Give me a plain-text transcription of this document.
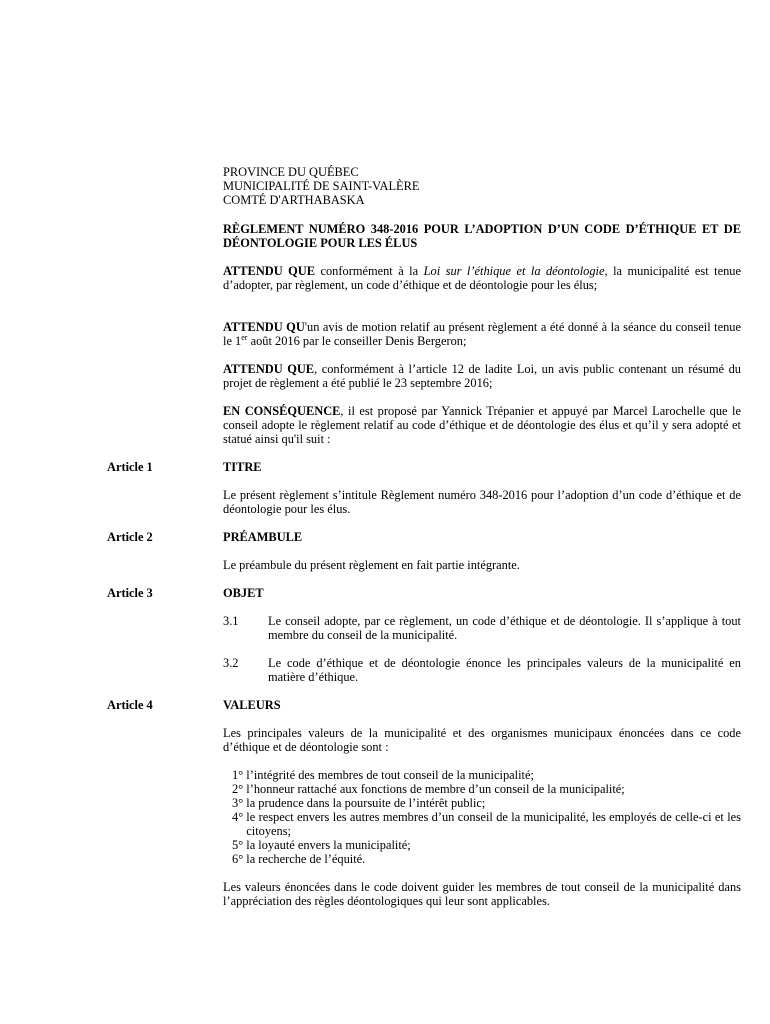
PROVINCE DU QUÉBEC
MUNICIPALITÉ DE SAINT-VALÈRE
COMTÉ D'ARTHABASKA
RÈGLEMENT NUMÉRO 348-2016 POUR L’ADOPTION D’UN CODE D’ÉTHIQUE ET DE DÉONTOLOGIE POUR LES ÉLUS
ATTENDU QUE conformément à la Loi sur l’éthique et la déontologie, la municipalité est tenue d’adopter, par règlement, un code d’éthique et de déontologie pour les élus;
ATTENDU QU'un avis de motion relatif au présent règlement a été donné à la séance du conseil tenue le 1er août 2016 par le conseiller Denis Bergeron;
ATTENDU QUE, conformément à l’article 12 de ladite Loi, un avis public contenant un résumé du projet de règlement a été publié le 23 septembre 2016;
EN CONSÉQUENCE, il est proposé par Yannick Trépanier et appuyé par Marcel Larochelle que le conseil adopte le règlement relatif au code d’éthique et de déontologie des élus et qu’il y sera adopté et statué ainsi qu'il suit :
Article 1	TITRE
Le présent règlement s’intitule Règlement numéro 348-2016 pour l’adoption d’un code d’éthique et de déontologie pour les élus.
Article 2	PRÉAMBULE
Le préambule du présent règlement en fait partie intégrante.
Article 3	OBJET
3.1 Le conseil adopte, par ce règlement, un code d’éthique et de déontologie. Il s’applique à tout membre du conseil de la municipalité.
3.2 Le code d’éthique et de déontologie énonce les principales valeurs de la municipalité en matière d’éthique.
Article 4	VALEURS
Les principales valeurs de la municipalité et des organismes municipaux énoncées dans ce code d’éthique et de déontologie sont :
1° l’intégrité des membres de tout conseil de la municipalité;
2° l’honneur rattaché aux fonctions de membre d’un conseil de la municipalité;
3° la prudence dans la poursuite de l’intérêt public;
4° le respect envers les autres membres d’un conseil de la municipalité, les employés de celle-ci et les citoyens;
5° la loyauté envers la municipalité;
6° la recherche de l’équité.
Les valeurs énoncées dans le code doivent guider les membres de tout conseil de la municipalité dans l’appréciation des règles déontologiques qui leur sont applicables.
